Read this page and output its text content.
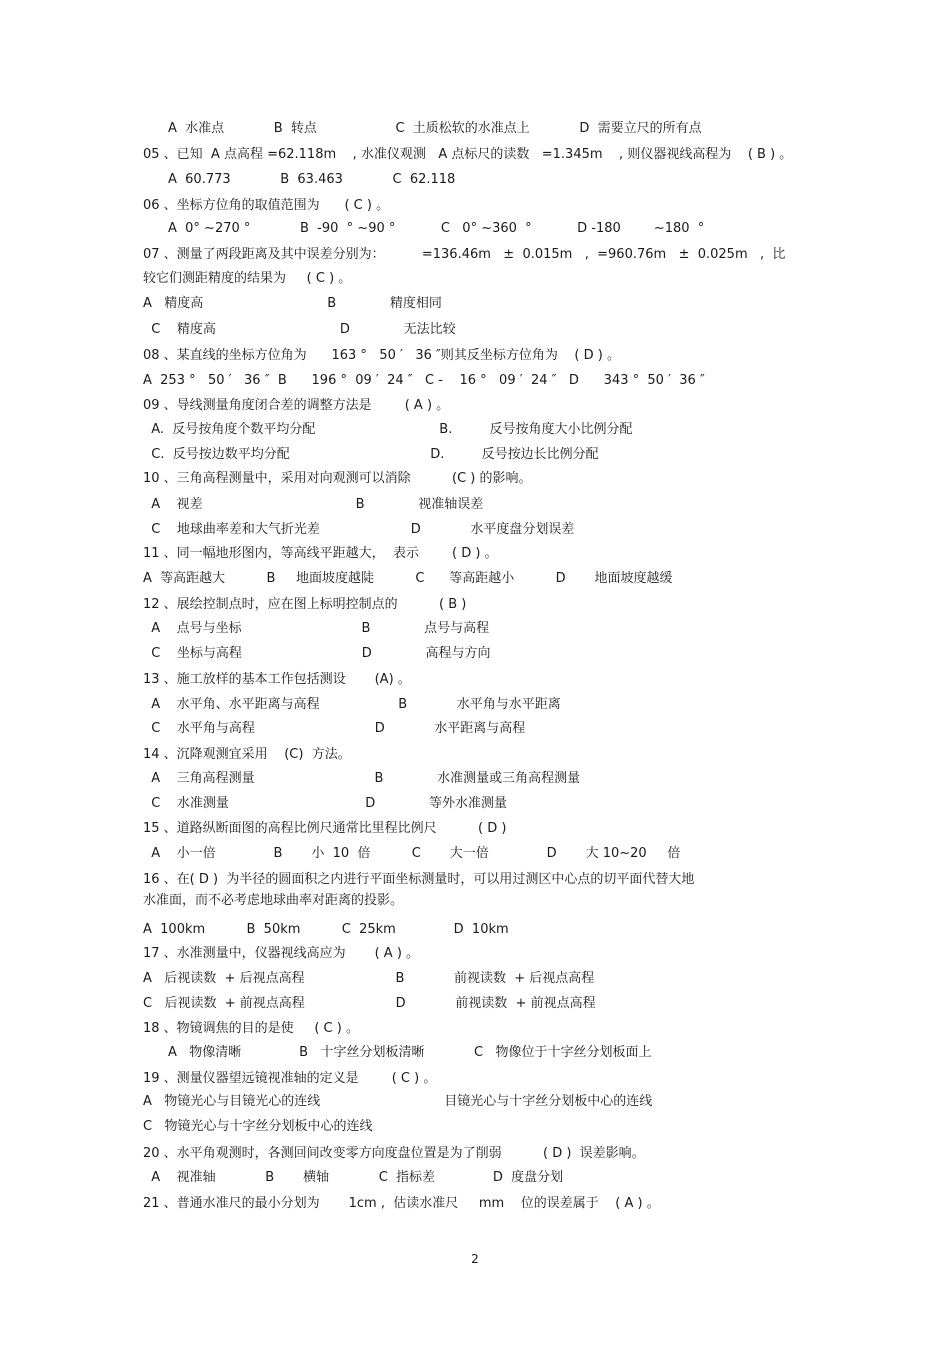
A  水准点            B  转点                   C  土质松软的水准点上            D  需要立尺的所有点
05 、已知  A 点高程 =62.118m    , 水准仪观测   A 点标尺的读数   =1.345m    , 则仪器视线高程为    ( B ) 。
A  60.773            B  63.463            C  62.118
06 、坐标方位角的取值范围为      ( C ) 。
A  0° ~270 °            B  -90  ° ~90 °           C   0° ~360  °           D -180        ~180  °
07 、测量了两段距离及其中误差分别为：         =136.46m   ±  0.015m   ,  =960.76m   ±  0.025m   ,  比
较它们测距精度的结果为     ( C ) 。
A   精度高                              B             精度相同
C    精度高                              D             无法比较
08 、某直线的坐标方位角为      163 °   50 ′   36 ″则其反坐标方位角为    ( D ) 。
A  253 °   50 ′   36 ″  B      196 °  09 ′  24 ″   C -    16 °   09 ′  24 ″   D      343 °  50 ′  36 ″
09 、导线测量角度闭合差的调整方法是        ( A ) 。
A.  反号按角度个数平均分配                              B.         反号按角度大小比例分配
C.  反号按边数平均分配                                  D.         反号按边长比例分配
10 、三角高程测量中，采用对向观测可以消除          (C ) 的影响。
A    视差                                     B             视准轴误差
C    地球曲率差和大气折光差                      D            水平度盘分划误差
11 、同一幅地形图内，等高线平距越大，  表示        ( D ) 。
A  等高距越大          B     地面坡度越陡          C      等高距越小          D       地面坡度越缓
12 、展绘控制点时，应在图上标明控制点的          ( B )
A    点号与坐标                             B             点号与高程
C    坐标与高程                             D             高程与方向
13 、施工放样的基本工作包括测设       (A) 。
A    水平角、水平距离与高程                   B            水平角与水平距离
C    水平角与高程                             D            水平距离与高程
14 、沉降观测宜采用    (C)  方法。
A    三角高程测量                             B             水准测量或三角高程测量
C    水准测量                                 D             等外水准测量
15 、道路纵断面图的高程比例尺通常比里程比例尺          ( D )
A    小一倍              B       小  10  倍          C       大一倍              D       大 10~20     倍
16 、在( D )  为半径的圆面积之内进行平面坐标测量时，可以用过测区中心点的切平面代替大地
水准面，而不必考虑地球曲率对距离的投影。
A  100km          B  50km          C  25km              D  10km
17 、水准测量中，仪器视线高应为       ( A ) 。
A   后视读数  + 后视点高程                      B            前视读数  + 后视点高程
C   后视读数  + 前视点高程                      D            前视读数  + 前视点高程
18 、物镜调焦的目的是使     ( C ) 。
A   物像清晰              B   十字丝分划板清晰            C   物像位于十字丝分划板面上
19 、测量仪器望远镜视准轴的定义是        ( C ) 。
A   物镜光心与目镜光心的连线                              目镜光心与十字丝分划板中心的连线
C   物镜光心与十字丝分划板中心的连线
20 、水平角观测时，各测回间改变零方向度盘位置是为了削弱          ( D )  误差影响。
A    视准轴            B       横轴            C  指标差              D  度盘分划
21 、普通水准尺的最小分划为       1cm ,  估读水准尺     mm    位的误差属于    ( A ) 。
2
